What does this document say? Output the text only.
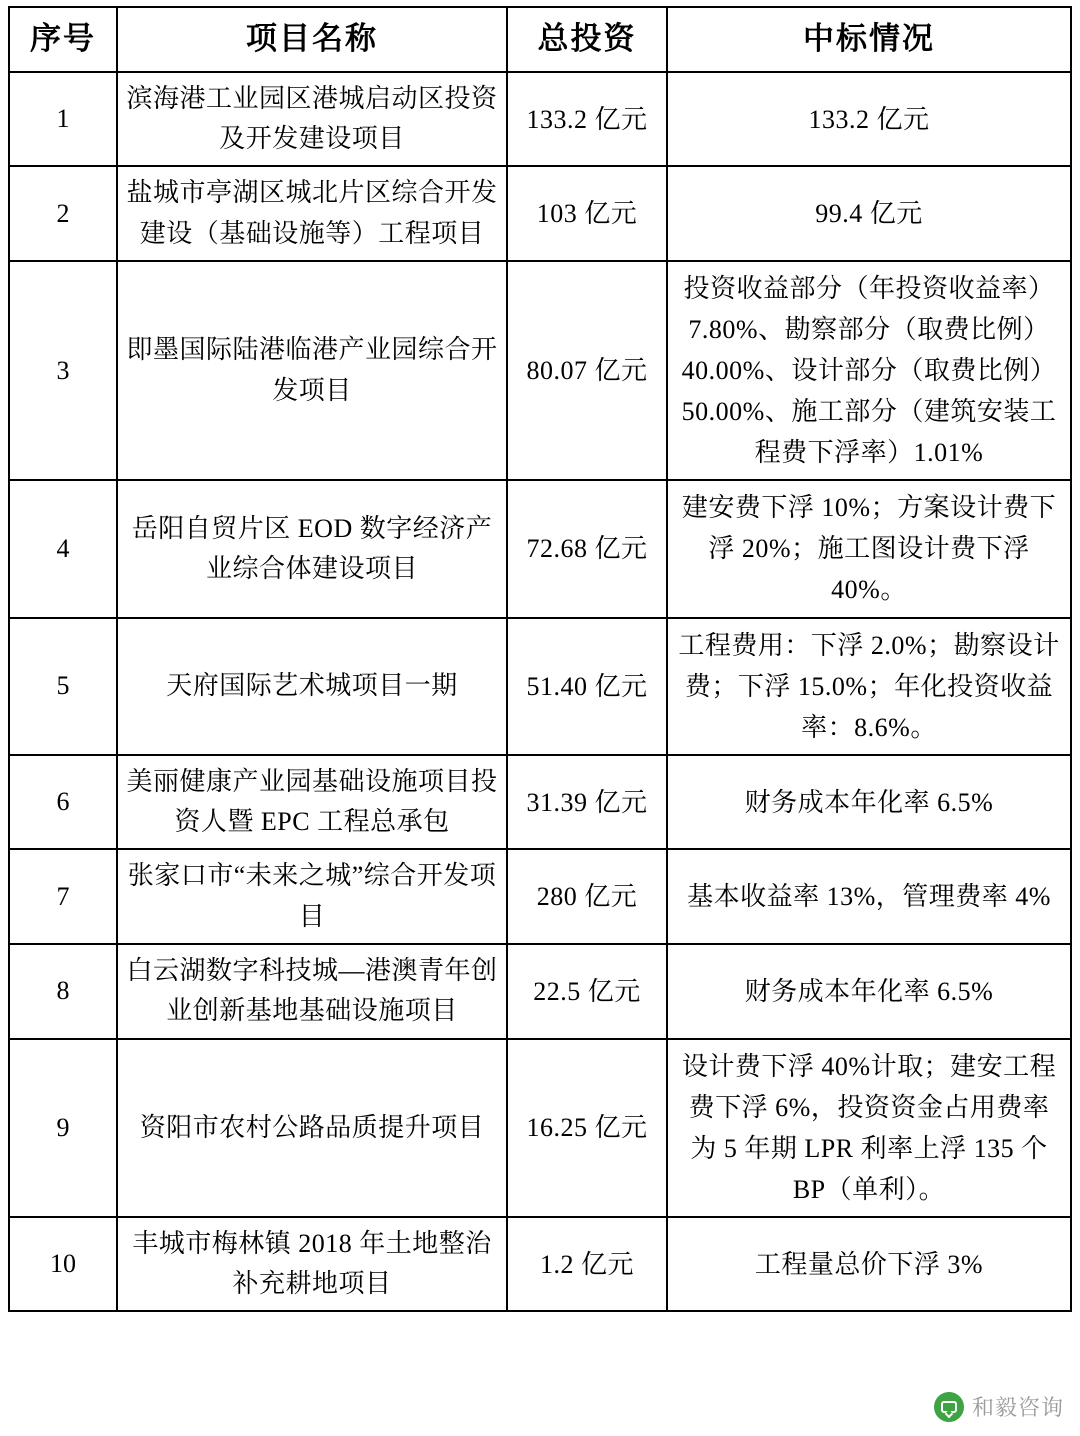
序号	项目名称	总投资	中标情况
1	滨海港工业园区港城启动区投资及开发建设项目	133.2 亿元	133.2 亿元
2	盐城市亭湖区城北片区综合开发建设（基础设施等）工程项目	103 亿元	99.4 亿元
3	即墨国际陆港临港产业园综合开发项目	80.07 亿元	投资收益部分（年投资收益率）7.80%、勘察部分（取费比例）40.00%、设计部分（取费比例）50.00%、施工部分（建筑安装工程费下浮率）1.01%
4	岳阳自贸片区 EOD 数字经济产业综合体建设项目	72.68 亿元	建安费下浮 10%；方案设计费下浮 20%；施工图设计费下浮 40%。
5	天府国际艺术城项目一期	51.40 亿元	工程费用：下浮 2.0%；勘察设计费；下浮 15.0%；年化投资收益率：8.6%。
6	美丽健康产业园基础设施项目投资人暨 EPC 工程总承包	31.39 亿元	财务成本年化率 6.5%
7	张家口市“未来之城”综合开发项目	280 亿元	基本收益率 13%，管理费率 4%
8	白云湖数字科技城—港澳青年创业创新基地基础设施项目	22.5 亿元	财务成本年化率 6.5%
9	资阳市农村公路品质提升项目	16.25 亿元	设计费下浮 40%计取；建安工程费下浮 6%，投资资金占用费率为 5 年期 LPR 利率上浮 135 个 BP（单利）。
10	丰城市梅林镇 2018 年土地整治补充耕地项目	1.2 亿元	工程量总价下浮 3%
和毅咨询
